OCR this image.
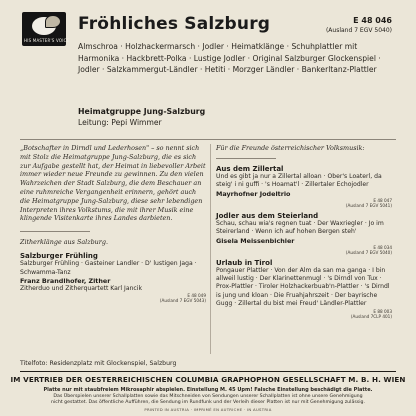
HIS MASTER'S VOICE
Fröhliches Salzburg	E 48 046
(Ausland 7 EGV 5040)
Almschroa · Holzhackermarsch · Jodler · Heimatklänge · Schuhplattler mit Harmonika · Hackbrett-Polka · Lustige Jodler · Original Salzburger Glockenspiel · Jodler · Salzkammergut-Ländler · Hetiti · Morzger Ländler · Bankerltanz-Plattler
Heimatgruppe Jung-Salzburg
Leitung: Pepi Wimmer
„Botschafter in Dirndl und Lederhosen" – so nennt sich mit Stolz die Heimatgruppe Jung-Salzburg, die es sich zur Aufgabe gestellt hat, der Heimat in liebevoller Arbeit immer wieder neue Freunde zu gewinnen. Zu den vielen Wahrzeichen der Stadt Salzburg, die dem Beschauer an eine ruhmreiche Vergangenheit erinnern, gehört auch die Heimatgruppe Jung-Salzburg, diese sehr lebendigen Interpreten ihres Volkstums, die mit ihrer Musik eine klingende Visitenkarte ihres Landes darbieten.
Zitherklänge aus Salzburg.
Salzburger Frühling
Salzburger Frühling · Gasteiner Landler · D' lustigen Jaga · Schwamma-Tanz
Franz Brandlhofer, Zither
Zitherduo und Zitherquartett Karl Jancik
E 48 049
(Ausland 7 EGV 5043)
Für die Freunde österreichischer Volksmusik:
Aus dem Zillertal
Und es gibt ja nur a Zillertal alloan · Ober's Loaterl, da steig' i ni guffi · 's Hoamat'l · Zillertaler Echojodler
Mayrhofner Jodeltrio
E 48 047
(Ausland 7 EGV 5041)
Jodler aus dem Steierland
Schau, schau wia's regnen tuat · Der Waxriegler · Jo im Steirerland · Wenn ich auf hohen Bergen steh'
Gisela Meissenbichler
E 48 034
(Ausland 7 EGV 5040)
Urlaub in Tirol
Pongauer Plattler · Von der Alm da san ma ganga · I bin allweil lustig · Der Klarinettenmugl · 's Dirndl von Tux · Prox-Plattler · Tiroler Holzhackerbuab'n-Plattler · 's Dirndl is jung und kloan · Die Fruahjahrszeit · Der bayrische Gugg · Zillertal du bist mei Freud' Ländler-Plattler
E 88 003
(Ausland 7CLP 401)
Titelfoto: Residenzplatz mit Glockenspiel, Salzburg
IM VERTRIEB DER OESTERREICHISCHEN COLUMBIA GRAPHOPHON GESELLSCHAFT M. B. H. WIEN
Platte nur mit staubfreiem Mikrosaphir abspielen. Einstellung M. 45 Upm! Falsche Einstellung beschädigt die Platte.
Das Überspielen unserer Schallplatten sowie das Mitschneiden von Sendungen unserer Schallplatten ist ohne unsere Genehmigung
nicht gestattet. Das öffentliche Aufführen, die Sendung im Rundfunk und der Verleih dieser Platten ist nur mit Genehmigung zulässig.
PRINTED IN AUSTRIA · IMPRIMÉ EN AUTRICHE · IN AUSTRIA
